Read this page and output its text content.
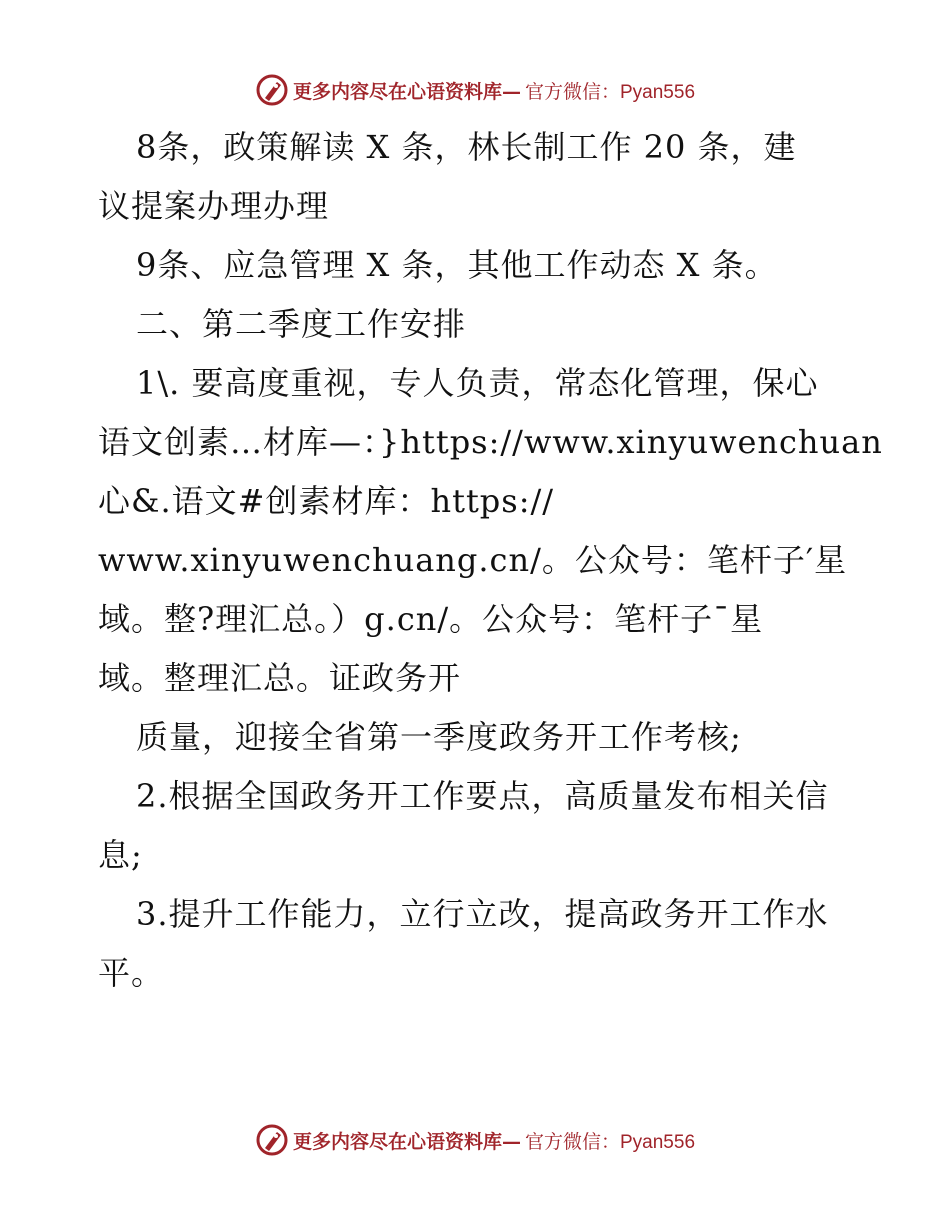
更多内容尽在心语资料库— 官方微信：Pyan556
8条，政策解读 X 条，林长制工作 20 条，建
议提案办理办理
9条、应急管理 X 条，其他工作动态 X 条。
二、第二季度工作安排
1\. 要高度重视，专人负责，常态化管理，保心
语文创素…材库—：}https://www.xinyuwenchuan
心&.语文#创素材库：https://
www.xinyuwenchuang.cn/。公众号：笔杆子′星
域。整?理汇总。）g.cn/。公众号：笔杆子¯星
域。整理汇总。证政务开
质量，迎接全省第一季度政务开工作考核;
2.根据全国政务开工作要点，高质量发布相关信
息;
3.提升工作能力，立行立改，提高政务开工作水
平。
更多内容尽在心语资料库— 官方微信：Pyan556
